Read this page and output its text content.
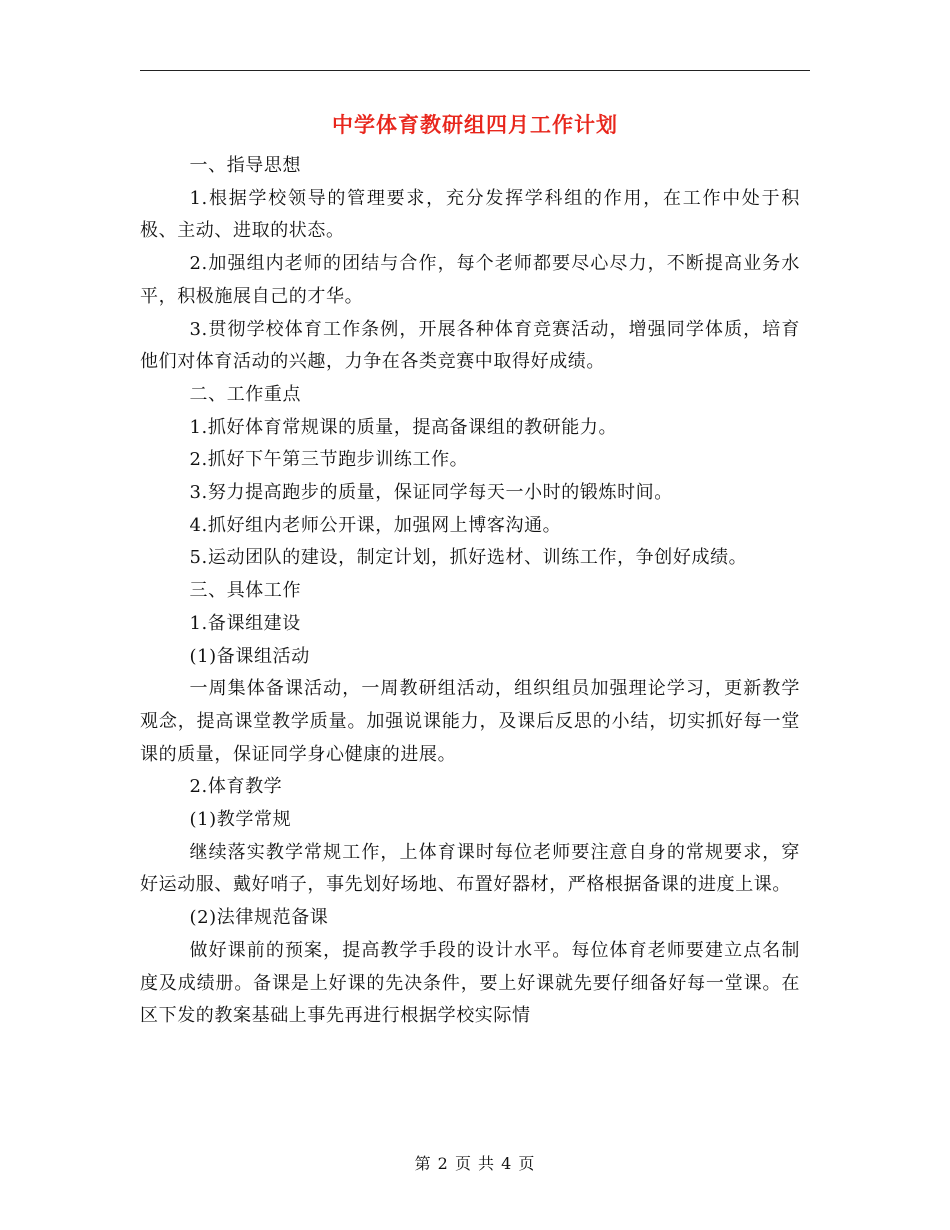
中学体育教研组四月工作计划

一、指导思想

1.根据学校领导的管理要求，充分发挥学科组的作用，在工作中处于积极、主动、进取的状态。

2.加强组内老师的团结与合作，每个老师都要尽心尽力，不断提高业务水平，积极施展自己的才华。

3.贯彻学校体育工作条例，开展各种体育竞赛活动，增强同学体质，培育他们对体育活动的兴趣，力争在各类竞赛中取得好成绩。

二、工作重点

1.抓好体育常规课的质量，提高备课组的教研能力。

2.抓好下午第三节跑步训练工作。

3.努力提高跑步的质量，保证同学每天一小时的锻炼时间。

4.抓好组内老师公开课，加强网上博客沟通。

5.运动团队的建设，制定计划，抓好选材、训练工作，争创好成绩。

三、具体工作

1.备课组建设

(1)备课组活动

一周集体备课活动，一周教研组活动，组织组员加强理论学习，更新教学观念，提高课堂教学质量。加强说课能力，及课后反思的小结，切实抓好每一堂课的质量，保证同学身心健康的进展。

2.体育教学

(1)教学常规

继续落实教学常规工作，上体育课时每位老师要注意自身的常规要求，穿好运动服、戴好哨子，事先划好场地、布置好器材，严格根据备课的进度上课。

(2)法律规范备课

做好课前的预案，提高教学手段的设计水平。每位体育老师要建立点名制度及成绩册。备课是上好课的先决条件，要上好课就先要仔细备好每一堂课。在区下发的教案基础上事先再进行根据学校实际情

第 2 页 共 4 页
